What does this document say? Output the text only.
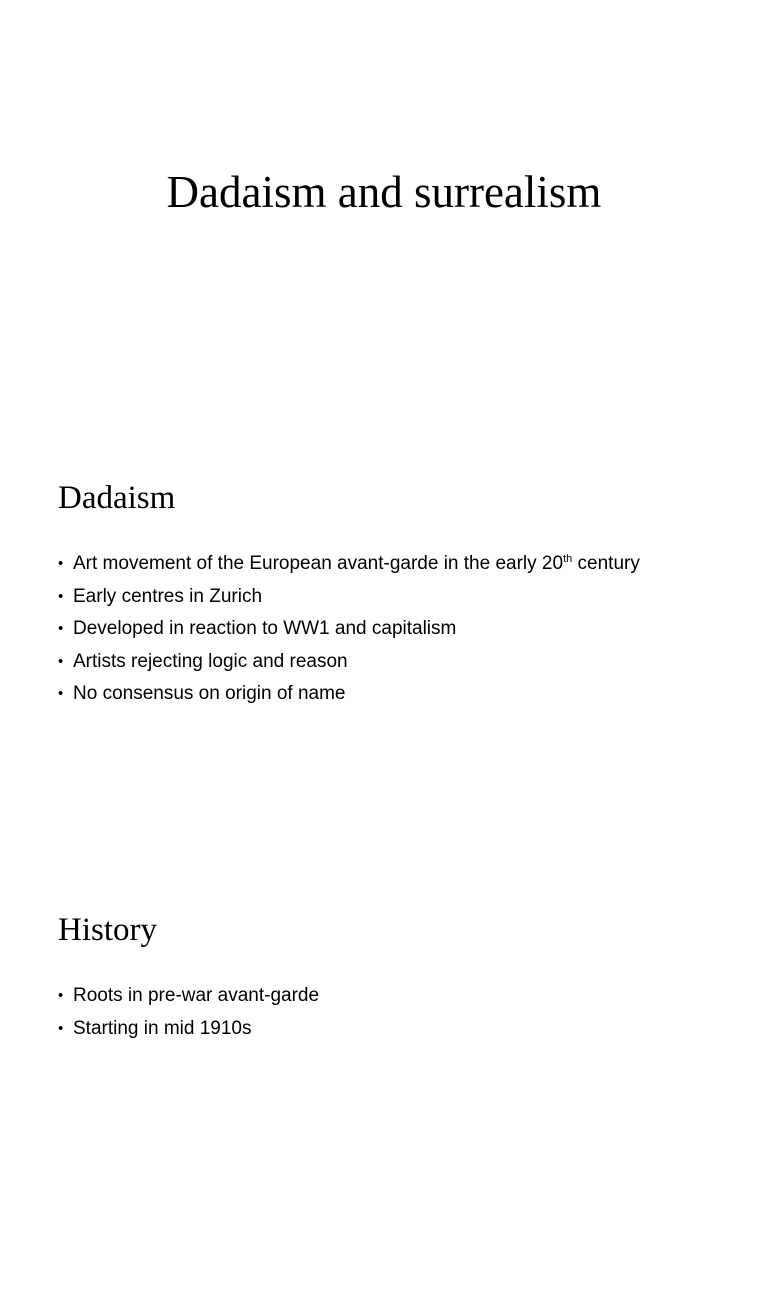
Dadaism and surrealism
Dadaism
• Art movement of the European avant-garde in the early 20th century
• Early centres in Zurich
• Developed in reaction to WW1 and capitalism
• Artists rejecting logic and reason
• No consensus on origin of name
History
• Roots in pre-war avant-garde
• Starting in mid 1910s
